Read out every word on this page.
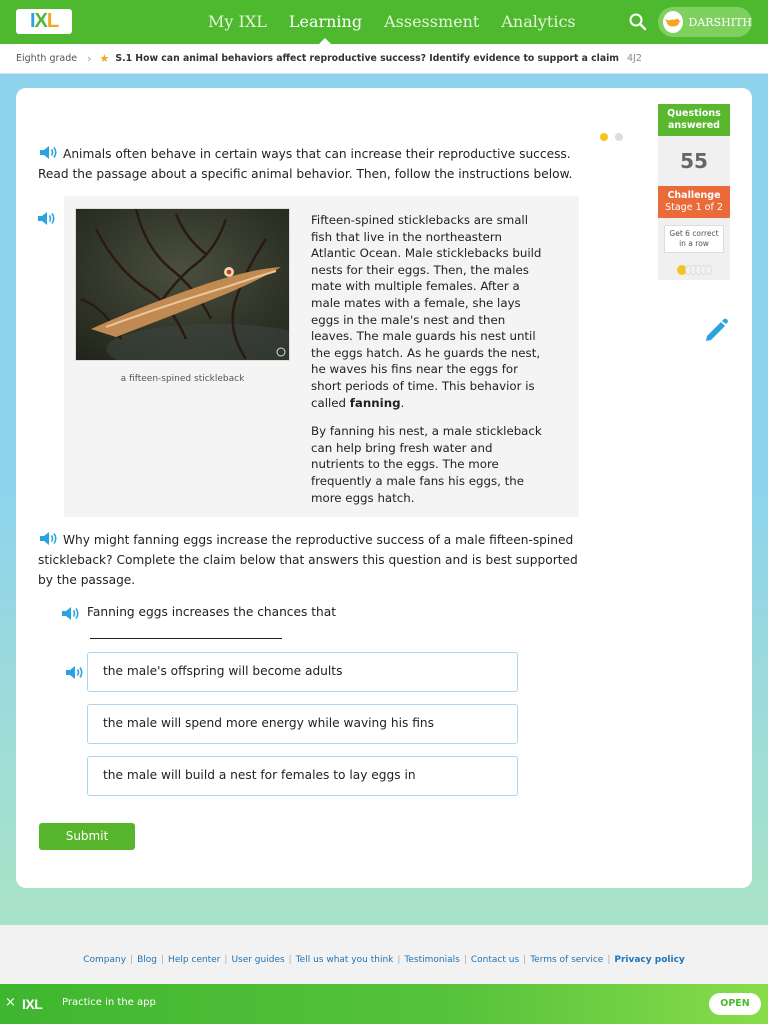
IXL	My IXL Learning Assessment Analytics	DARSHITH
Eighth grade › ★ S.1 How can animal behaviors affect reproductive success? Identify evidence to support a claim 4J2

Animals often behave in certain ways that can increase their reproductive success. Read the passage about a specific animal behavior. Then, follow the instructions below.
a fifteen-spined stickleback

Fifteen-spined sticklebacks are small fish that live in the northeastern Atlantic Ocean. Male sticklebacks build nests for their eggs. Then, the males mate with multiple females. After a male mates with a female, she lays eggs in the male's nest and then leaves. The male guards his nest until the eggs hatch. As he guards the nest, he waves his fins near the eggs for short periods of time. This behavior is called fanning.

By fanning his nest, a male stickleback can help bring fresh water and nutrients to the eggs. The more frequently a male fans his eggs, the more eggs hatch.

Why might fanning eggs increase the reproductive success of a male fifteen-spined stickleback? Complete the claim below that answers this question and is best supported by the passage.
Fanning eggs increases the chances that

the male's offspring will become adults
the male will spend more energy while waving his fins
the male will build a nest for females to lay eggs in
Submit
Questions answered
55
Challenge
Stage 1 of 2
Get 6 correct in a row
Company | Blog | Help center | User guides | Tell us what you think | Testimonials | Contact us | Terms of service | Privacy policy
× IXL Practice in the app	OPEN
